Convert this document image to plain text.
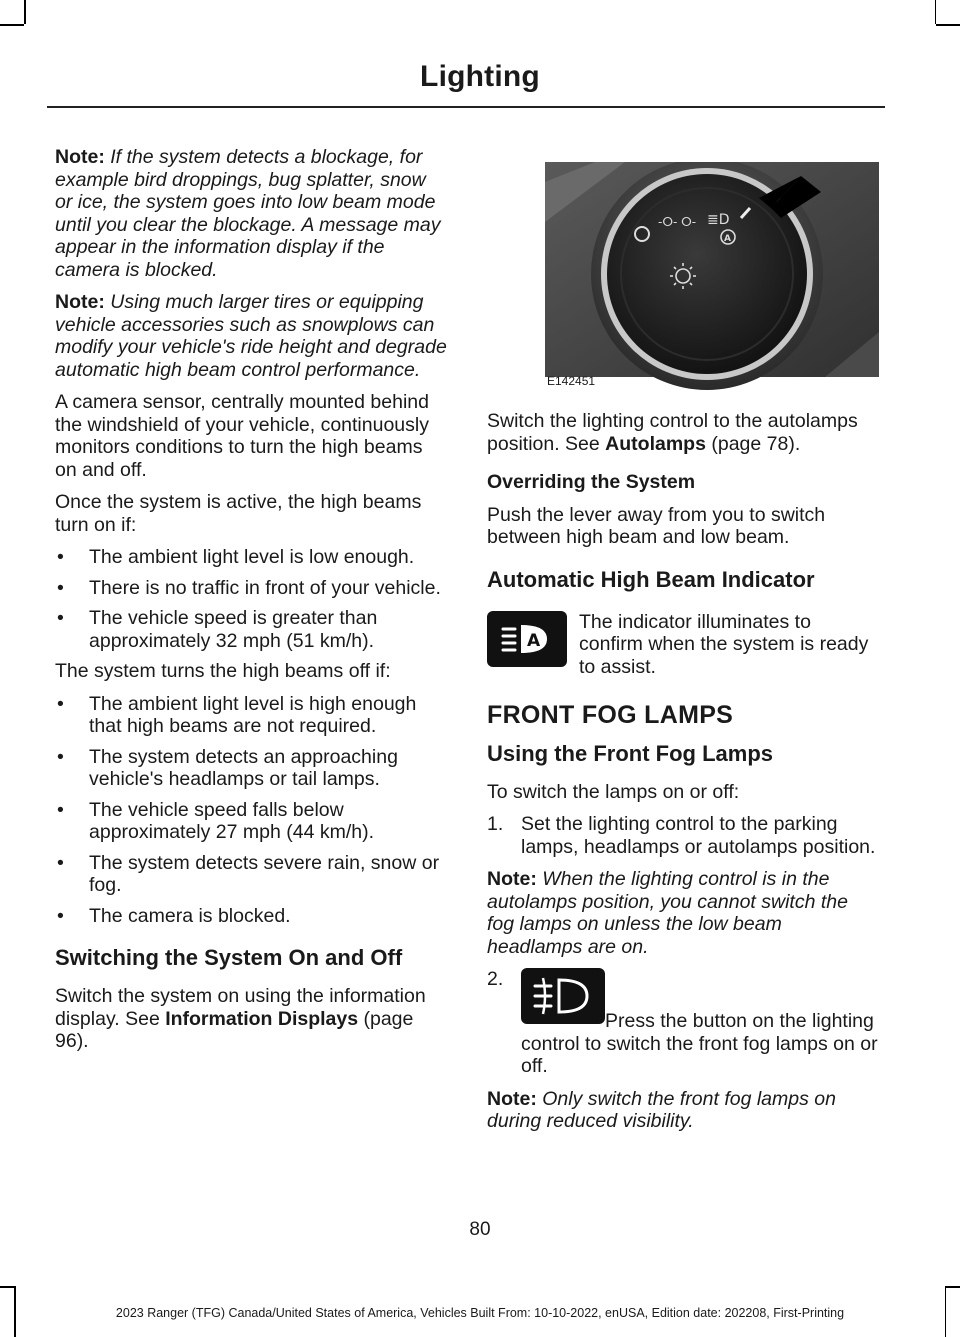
Lighting

Note: If the system detects a blockage, for example bird droppings, bug splatter, snow or ice, the system goes into low beam mode until you clear the blockage. A message may appear in the information display if the camera is blocked.

Note: Using much larger tires or equipping vehicle accessories such as snowplows can modify your vehicle's ride height and degrade automatic high beam control performance.

A camera sensor, centrally mounted behind the windshield of your vehicle, continuously monitors conditions to turn the high beams on and off.

Once the system is active, the high beams turn on if:

• The ambient light level is low enough.
• There is no traffic in front of your vehicle.
• The vehicle speed is greater than approximately 32 mph (51 km/h).

The system turns the high beams off if:

• The ambient light level is high enough that high beams are not required.
• The system detects an approaching vehicle's headlamps or tail lamps.
• The vehicle speed falls below approximately 27 mph (44 km/h).
• The system detects severe rain, snow or fog.
• The camera is blocked.
Switching the System On and Off

Switch the system on using the information display. See Information Displays (page 96).

‑ⵔ‑ ⵔ‑ ≣D
A
E142451

Switch the lighting control to the autolamps position. See Autolamps (page 78).

Overriding the System

Push the lever away from you to switch between high beam and low beam.

Automatic High Beam Indicator
A

The indicator illuminates to confirm when the system is ready to assist.

FRONT FOG LAMPS
Using the Front Fog Lamps

To switch the lamps on or off:

1. Set the lighting control to the parking lamps, headlamps or autolamps position.

Note: When the lighting control is in the autolamps position, you cannot switch the fog lamps on unless the low beam headlamps are on.

2.

Press the button on the lighting control to switch the front fog lamps on or off.

Note: Only switch the front fog lamps on during reduced visibility.

80
2023 Ranger (TFG) Canada/United States of America, Vehicles Built From: 10-10-2022, enUSA, Edition date: 202208, First-Printing
